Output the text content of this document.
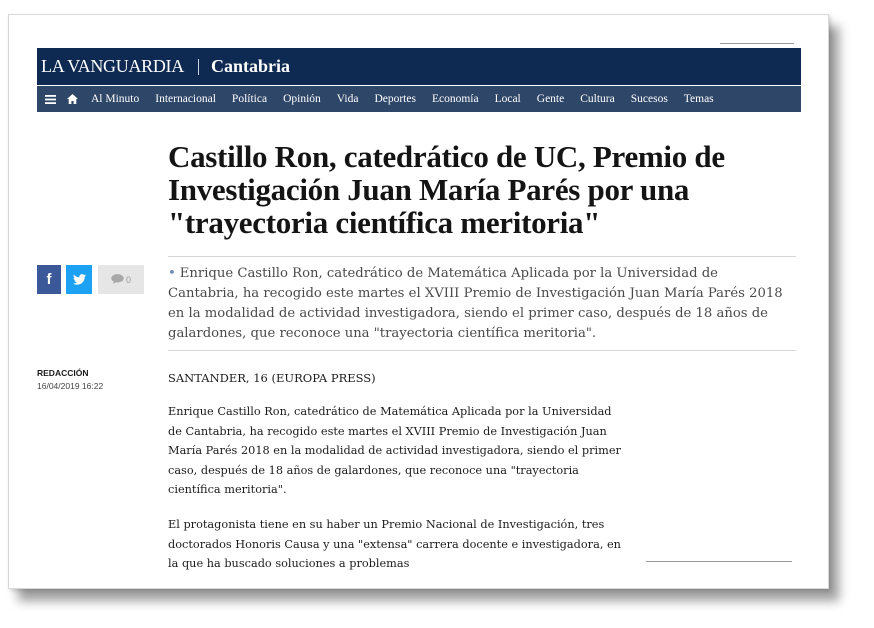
LA VANGUARDIA Cantabria
Al Minuto Internacional Política Opinión Vida Deportes Economía Local Gente Cultura Sucesos Temas
Castillo Ron, catedrático de UC, Premio de Investigación Juan María Parés por una "trayectoria científica meritoria"
f	0	• Enrique Castillo Ron, catedrático de Matemática Aplicada por la Universidad de Cantabria, ha recogido este martes el XVIII Premio de Investigación Juan María Parés 2018 en la modalidad de actividad investigadora, siendo el primer caso, después de 18 años de galardones, que reconoce una "trayectoria científica meritoria".

REDACCIÓN
16/04/2019 16:22
SANTANDER, 16 (EUROPA PRESS)

Enrique Castillo Ron, catedrático de Matemática Aplicada por la Universidad de Cantabria, ha recogido este martes el XVIII Premio de Investigación Juan María Parés 2018 en la modalidad de actividad investigadora, siendo el primer caso, después de 18 años de galardones, que reconoce una "trayectoria científica meritoria".

El protagonista tiene en su haber un Premio Nacional de Investigación, tres doctorados Honoris Causa y una "extensa" carrera docente e investigadora, en la que ha buscado soluciones a problemas
